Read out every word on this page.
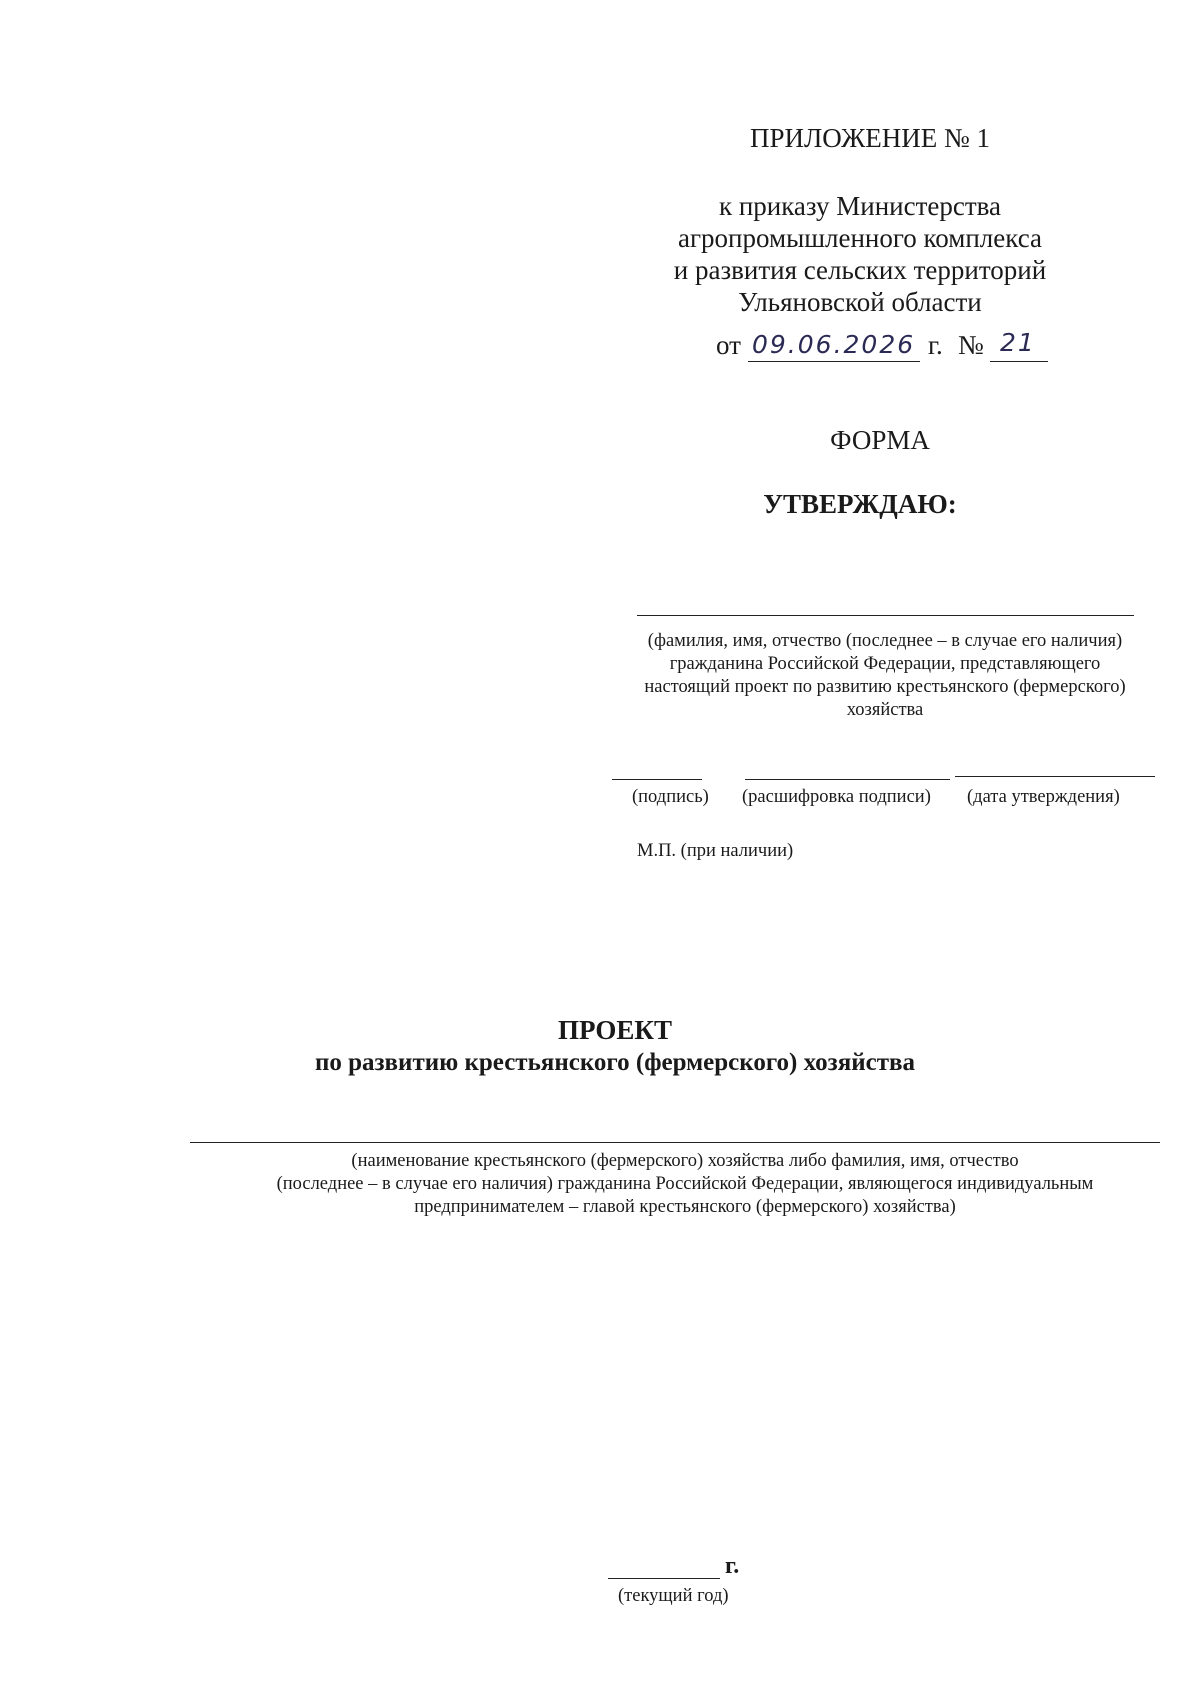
ПРИЛОЖЕНИЕ № 1
к приказу Министерства
агропромышленного комплекса
и развития сельских территорий
Ульяновской области
от 09.06.2026 г. № 21
ФОРМА
УТВЕРЖДАЮ:
(фамилия, имя, отчество (последнее – в случае его наличия)
гражданина Российской Федерации, представляющего
настоящий проект по развитию крестьянского (фермерского)
хозяйства
(подпись) (расшифровка подписи) (дата утверждения)
М.П. (при наличии)
ПРОЕКТ
по развитию крестьянского (фермерского) хозяйства
(наименование крестьянского (фермерского) хозяйства либо фамилия, имя, отчество
(последнее – в случае его наличия) гражданина Российской Федерации, являющегося индивидуальным
предпринимателем – главой крестьянского (фермерского) хозяйства)
г.
(текущий год)
